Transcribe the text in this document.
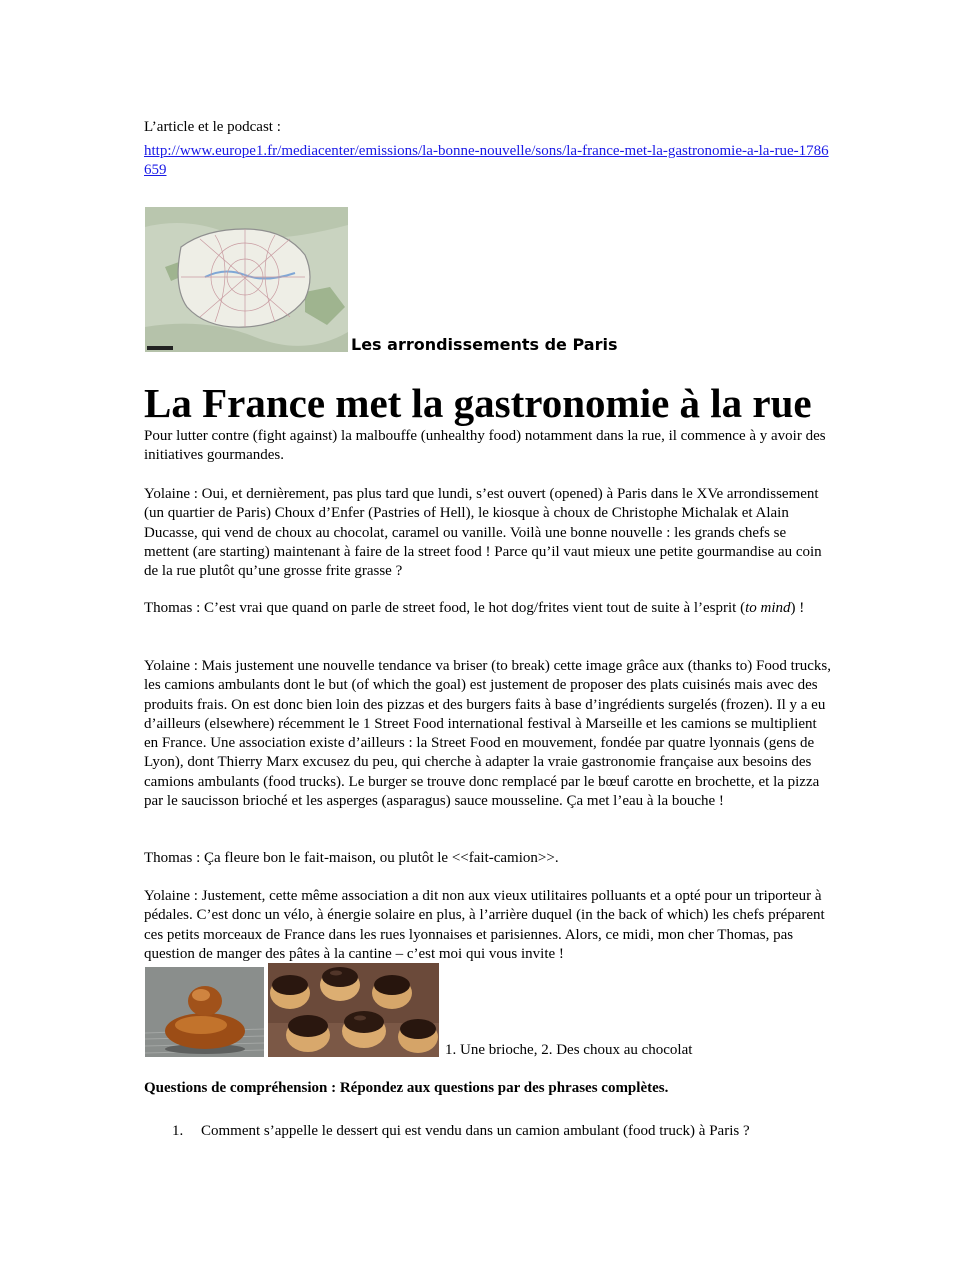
L’article et le podcast :

http://www.europe1.fr/mediacenter/emissions/la-bonne-nouvelle/sons/la-france-met-la-gastronomie-a-la-rue-1786659

Les arrondissements de Paris
La France met la gastronomie à la rue

Pour lutter contre (fight against) la malbouffe (unhealthy food) notamment dans la rue, il commence à y avoir des initiatives gourmandes.

Yolaine : Oui, et dernièrement, pas plus tard que lundi, s’est ouvert (opened) à Paris dans le XVe arrondissement (un quartier de Paris) Choux d’Enfer (Pastries of Hell), le kiosque à choux de Christophe Michalak et Alain Ducasse, qui vend de choux au chocolat, caramel ou vanille. Voilà une bonne nouvelle : les grands chefs se mettent (are starting) maintenant à faire de la street food ! Parce qu’il vaut mieux une petite gourmandise au coin de la rue plutôt qu’une grosse frite grasse ?

Thomas : C’est vrai que quand on parle de street food, le hot dog/frites vient tout de suite à l’esprit (to mind) !

Yolaine : Mais justement une nouvelle tendance va briser (to break) cette image grâce aux (thanks to) Food trucks, les camions ambulants dont le but (of which the goal) est justement de proposer des plats cuisinés mais avec des produits frais. On est donc bien loin des pizzas et des burgers faits à base d’ingrédients surgelés (frozen). Il y a eu d’ailleurs (elsewhere) récemment le 1 Street Food international festival à Marseille et les camions se multiplient en France. Une association existe d’ailleurs : la Street Food en mouvement, fondée par quatre lyonnais (gens de Lyon), dont Thierry Marx excusez du peu, qui cherche à adapter la vraie gastronomie française aux besoins des camions ambulants (food trucks). Le burger se trouve donc remplacé par le bœuf carotte en brochette, et la pizza par le saucisson brioché et les asperges (asparagus) sauce mousseline. Ça met l’eau à la bouche !

Thomas : Ça fleure bon le fait-maison, ou plutôt le <<fait-camion>>.

Yolaine : Justement, cette même association a dit non aux vieux utilitaires polluants et a opté pour un triporteur à pédales. C’est donc un vélo, à énergie solaire en plus, à l’arrière duquel (in the back of which) les chefs préparent ces petits morceaux de France dans les rues lyonnaises et parisiennes. Alors, ce midi, mon cher Thomas, pas question de manger des pâtes à la cantine – c’est moi qui vous invite !

1. Une brioche, 2. Des choux au chocolat
Questions de compréhension : Répondez aux questions par des phrases complètes.
1. Comment s’appelle le dessert qui est vendu dans un camion ambulant (food truck) à Paris ?
